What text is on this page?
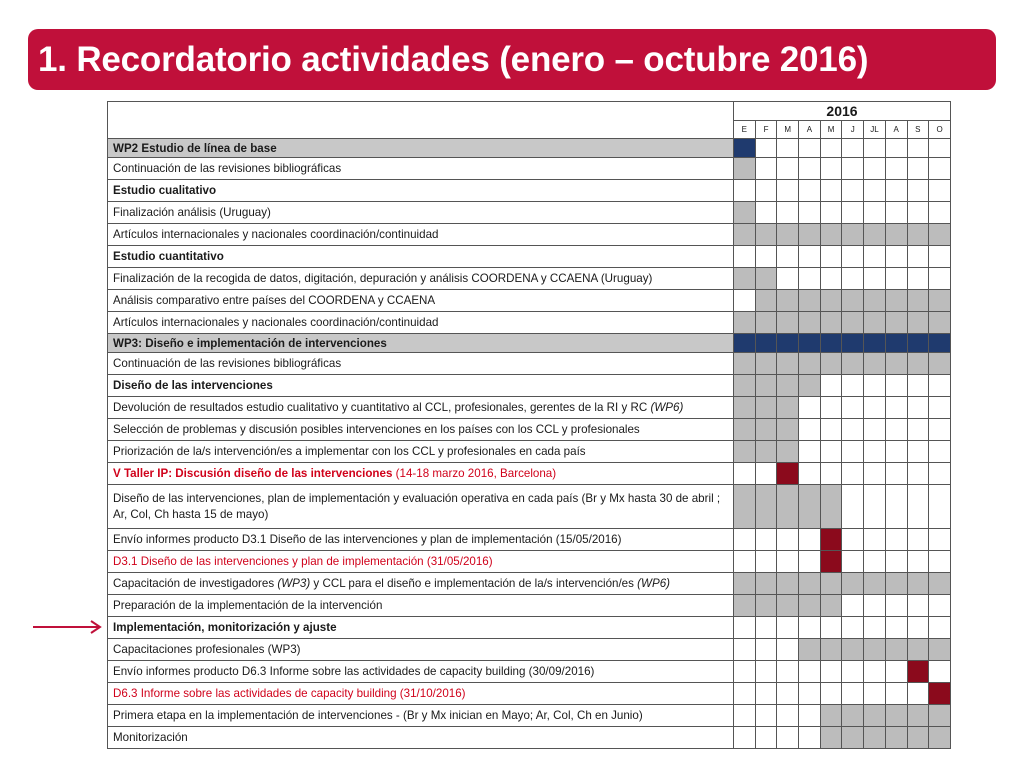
1. Recordatorio actividades (enero – octubre 2016)
	2016									
	E	F	M	A	M	J	JL	A	S	O
WP2 Estudio de línea de base										
Continuación de las revisiones bibliográficas										
Estudio cualitativo										
Finalización análisis (Uruguay)										
Artículos internacionales y nacionales coordinación/continuidad										
Estudio cuantitativo										
Finalización de la recogida de datos, digitación, depuración y análisis COORDENA y CCAENA (Uruguay)										
Análisis comparativo entre países del COORDENA y CCAENA										
Artículos internacionales y nacionales coordinación/continuidad										
WP3: Diseño e implementación de intervenciones										
Continuación de las revisiones bibliográficas										
Diseño de las intervenciones										
Devolución de resultados estudio cualitativo y cuantitativo al CCL, profesionales, gerentes de la RI y RC (WP6)										
Selección de problemas y discusión posibles intervenciones en los países con los CCL y profesionales										
Priorización de la/s intervención/es a implementar con los CCL y profesionales en cada país										
V Taller IP: Discusión diseño de las intervenciones (14-18 marzo 2016, Barcelona)										
Diseño de las intervenciones, plan de implementación y evaluación operativa en cada país (Br y Mx hasta 30 de abril ; Ar, Col, Ch hasta 15 de mayo)										
Envío informes producto D3.1 Diseño de las intervenciones y plan de implementación (15/05/2016)										
D3.1 Diseño de las intervenciones y plan de implementación (31/05/2016)										
Capacitación de investigadores (WP3) y CCL para el diseño e implementación de la/s intervención/es (WP6)										
Preparación de la implementación de la intervención										
Implementación, monitorización y ajuste										
Capacitaciones profesionales (WP3)										
Envío informes producto D6.3 Informe sobre las actividades de capacity building (30/09/2016)										
D6.3 Informe sobre las actividades de capacity building (31/10/2016)										
Primera etapa en la implementación de intervenciones - (Br y Mx inician en Mayo; Ar, Col, Ch en Junio)										
Monitorización										
